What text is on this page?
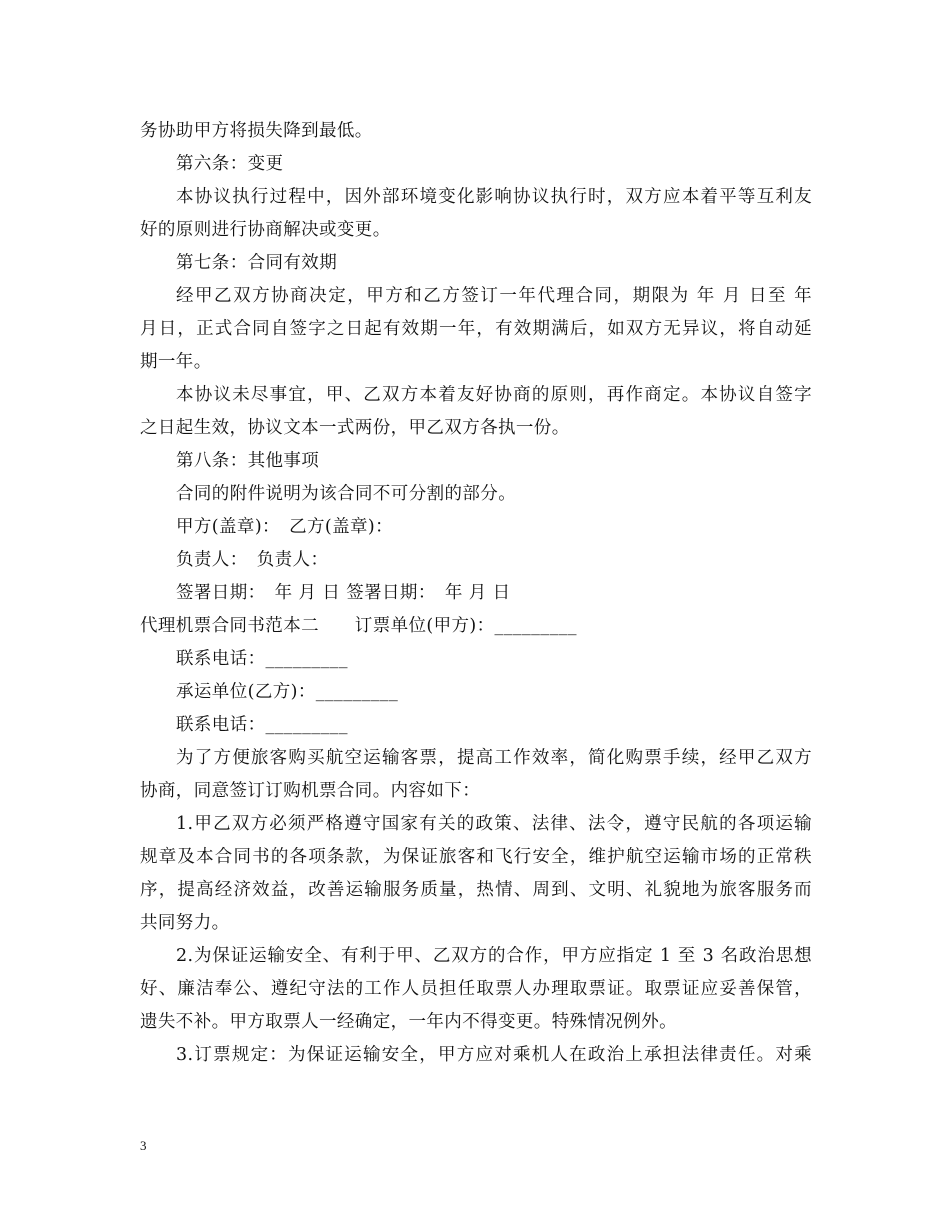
务协助甲方将损失降到最低。
第六条：变更
本协议执行过程中，因外部环境变化影响协议执行时，双方应本着平等互利友
好的原则进行协商解决或变更。
第七条：合同有效期
经甲乙双方协商决定，甲方和乙方签订一年代理合同，期限为 年 月 日至 年
月日，正式合同自签字之日起有效期一年，有效期满后，如双方无异议，将自动延
期一年。
本协议未尽事宜，甲、乙双方本着友好协商的原则，再作商定。本协议自签字
之日起生效，协议文本一式两份，甲乙双方各执一份。
第八条：其他事项
合同的附件说明为该合同不可分割的部分。
甲方(盖章)：　乙方(盖章)：
负责人：　负责人：
签署日期：　年 月 日 签署日期：　年 月 日
代理机票合同书范本二　　订票单位(甲方)：_________
联系电话：_________
承运单位(乙方)：_________
联系电话：_________
为了方便旅客购买航空运输客票，提高工作效率，简化购票手续，经甲乙双方
协商，同意签订订购机票合同。内容如下：
1.甲乙双方必须严格遵守国家有关的政策、法律、法令，遵守民航的各项运输
规章及本合同书的各项条款，为保证旅客和飞行安全，维护航空运输市场的正常秩
序，提高经济效益，改善运输服务质量，热情、周到、文明、礼貌地为旅客服务而
共同努力。
2.为保证运输安全、有利于甲、乙双方的合作，甲方应指定 1 至 3 名政治思想
好、廉洁奉公、遵纪守法的工作人员担任取票人办理取票证。取票证应妥善保管，
遗失不补。甲方取票人一经确定，一年内不得变更。特殊情况例外。
3.订票规定：为保证运输安全，甲方应对乘机人在政治上承担法律责任。对乘
3
